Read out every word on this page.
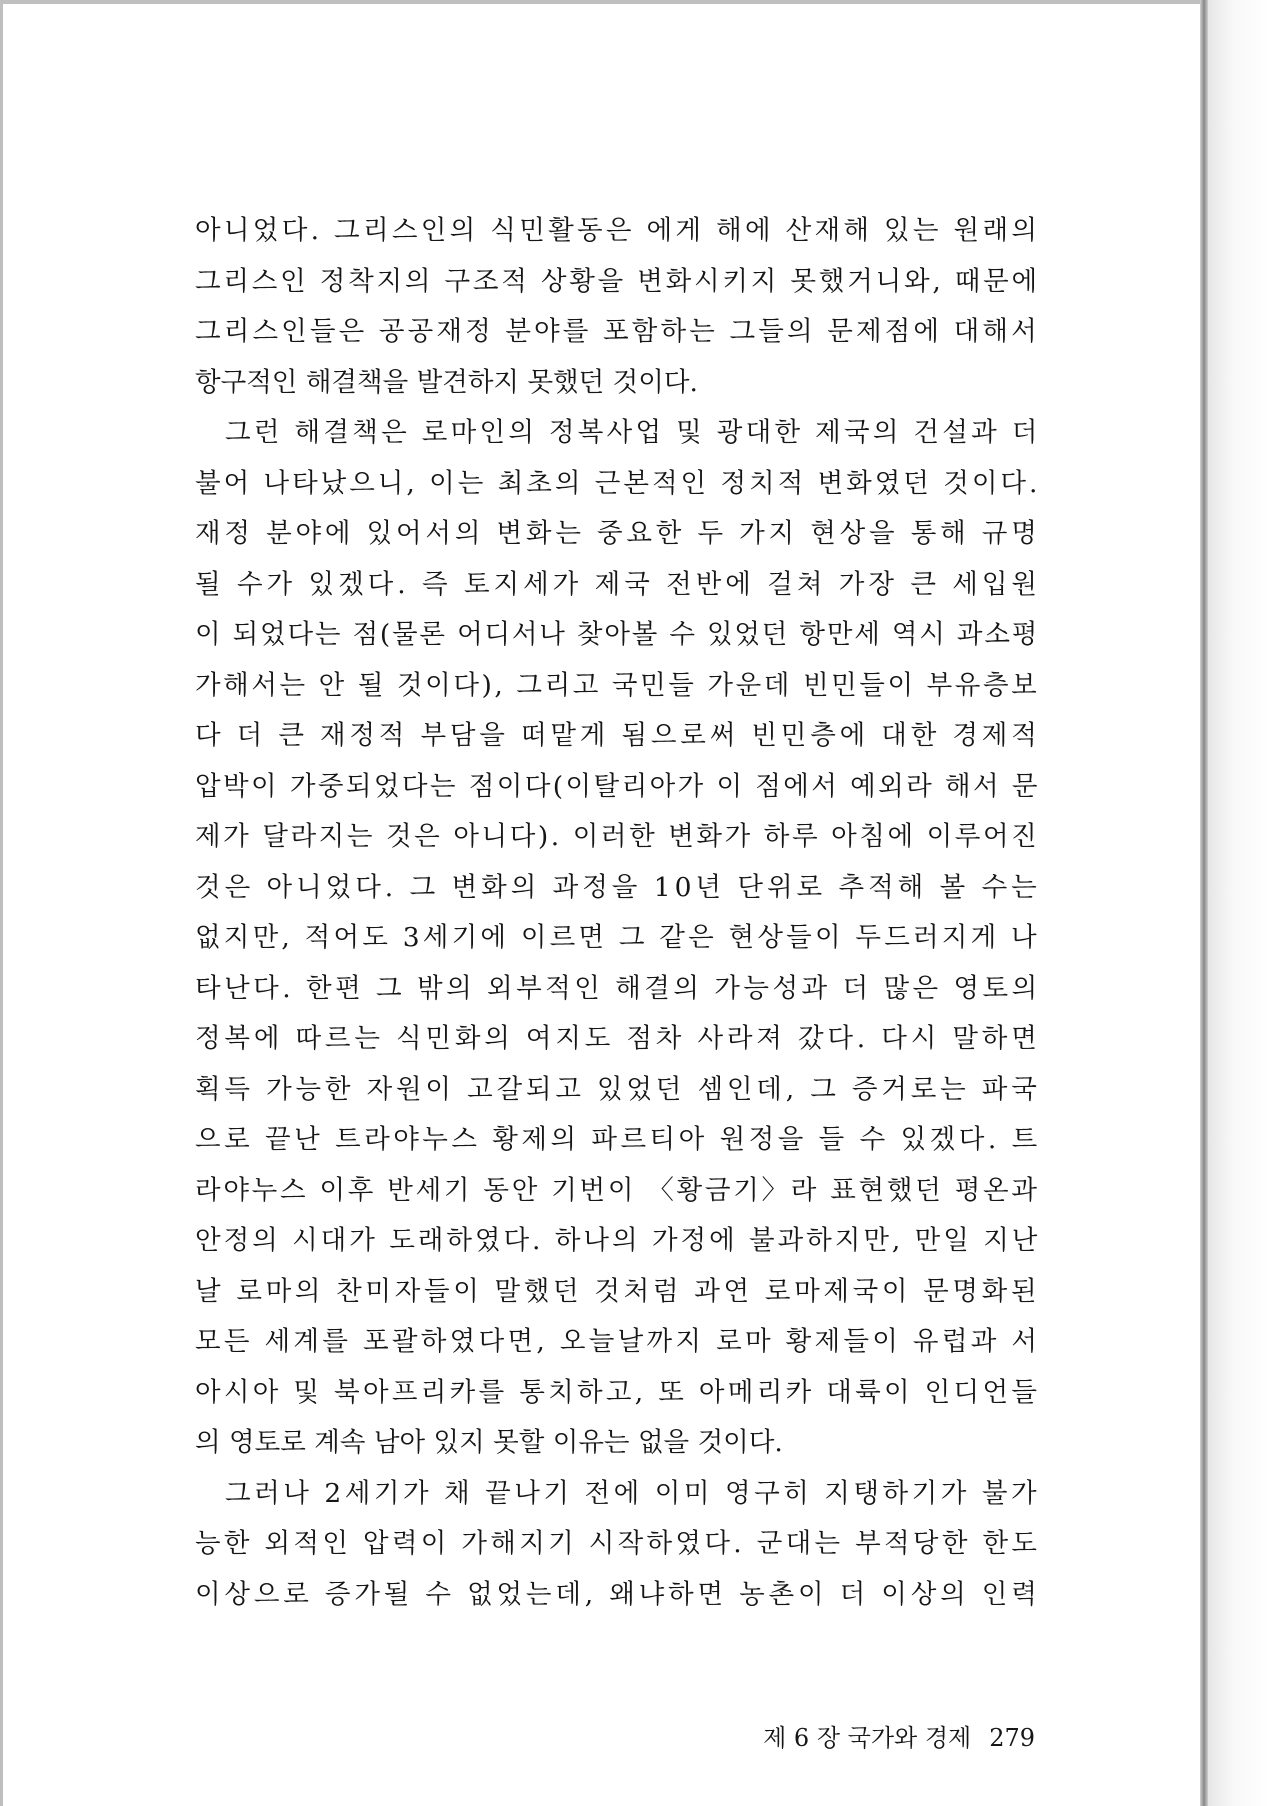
아니었다. 그리스인의 식민활동은 에게 해에 산재해 있는 원래의
그리스인 정착지의 구조적 상황을 변화시키지 못했거니와, 때문에
그리스인들은 공공재정 분야를 포함하는 그들의 문제점에 대해서
항구적인 해결책을 발견하지 못했던 것이다.
그런 해결책은 로마인의 정복사업 및 광대한 제국의 건설과 더
불어 나타났으니, 이는 최초의 근본적인 정치적 변화였던 것이다.
재정 분야에 있어서의 변화는 중요한 두 가지 현상을 통해 규명
될 수가 있겠다. 즉 토지세가 제국 전반에 걸쳐 가장 큰 세입원
이 되었다는 점(물론 어디서나 찾아볼 수 있었던 항만세 역시 과소평
가해서는 안 될 것이다), 그리고 국민들 가운데 빈민들이 부유층보
다 더 큰 재정적 부담을 떠맡게 됨으로써 빈민층에 대한 경제적
압박이 가중되었다는 점이다(이탈리아가 이 점에서 예외라 해서 문
제가 달라지는 것은 아니다). 이러한 변화가 하루 아침에 이루어진
것은 아니었다. 그 변화의 과정을 10년 단위로 추적해 볼 수는
없지만, 적어도 3세기에 이르면 그 같은 현상들이 두드러지게 나
타난다. 한편 그 밖의 외부적인 해결의 가능성과 더 많은 영토의
정복에 따르는 식민화의 여지도 점차 사라져 갔다. 다시 말하면
획득 가능한 자원이 고갈되고 있었던 셈인데, 그 증거로는 파국
으로 끝난 트라야누스 황제의 파르티아 원정을 들 수 있겠다. 트
라야누스 이후 반세기 동안 기번이 〈황금기〉라 표현했던 평온과
안정의 시대가 도래하였다. 하나의 가정에 불과하지만, 만일 지난
날 로마의 찬미자들이 말했던 것처럼 과연 로마제국이 문명화된
모든 세계를 포괄하였다면, 오늘날까지 로마 황제들이 유럽과 서
아시아 및 북아프리카를 통치하고, 또 아메리카 대륙이 인디언들
의 영토로 계속 남아 있지 못할 이유는 없을 것이다.
그러나 2세기가 채 끝나기 전에 이미 영구히 지탱하기가 불가
능한 외적인 압력이 가해지기 시작하였다. 군대는 부적당한 한도
이상으로 증가될 수 없었는데, 왜냐하면 농촌이 더 이상의 인력
제 6 장 국가와 경제 279
